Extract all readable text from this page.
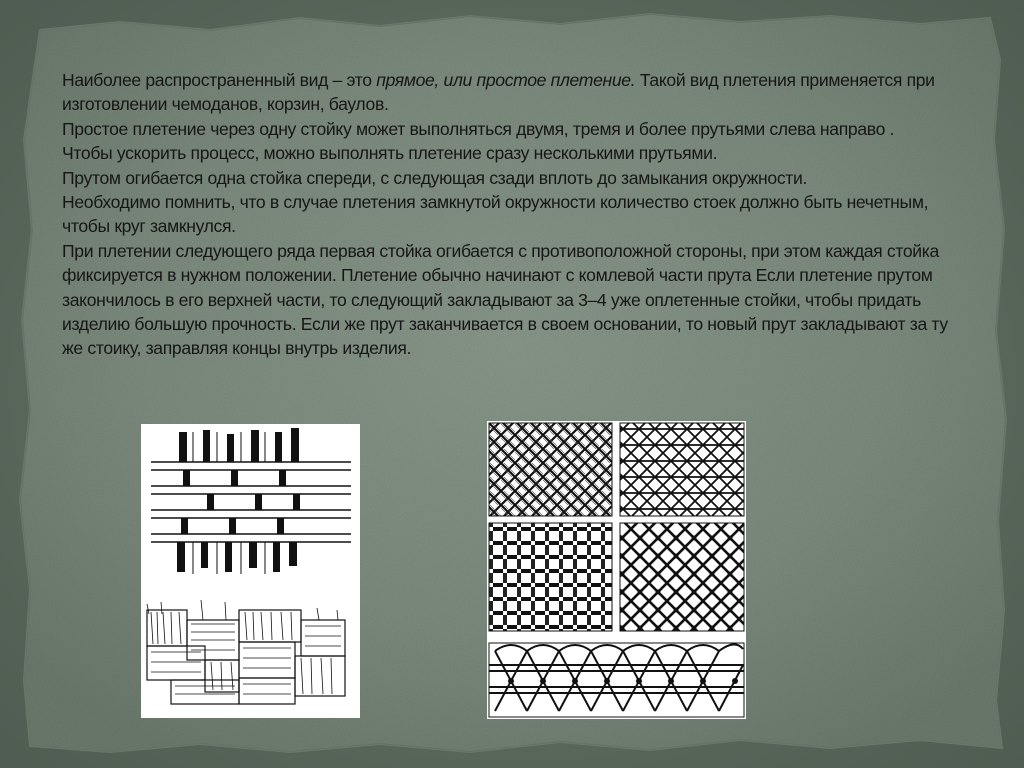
Наиболее распространенный вид – это прямое, или простое плетение. Такой вид плетения применяется при изготовлении чемоданов, корзин, баулов.

Простое плетение через одну стойку может выполняться двумя, тремя и более прутьями слева направо .

Чтобы ускорить процесс, можно выполнять плетение сразу несколькими прутьями.

Прутом огибается одна стойка спереди, с следующая сзади вплоть до замыкания окружности.

Необходимо помнить, что в случае плетения замкнутой окружности количество стоек должно быть нечетным, чтобы круг замкнулся.

При плетении следующего ряда первая стойка огибается с противоположной стороны, при этом каждая стойка фиксируется в нужном положении. Плетение обычно начинают с комлевой части прута Если плетение прутом закончилось в его верхней части, то следующий закладывают за 3–4 уже оплетенные стойки, чтобы придать изделию большую прочность. Если же прут заканчивается в своем основании, то новый прут закладывают за ту же стоику, заправляя концы внутрь изделия.
